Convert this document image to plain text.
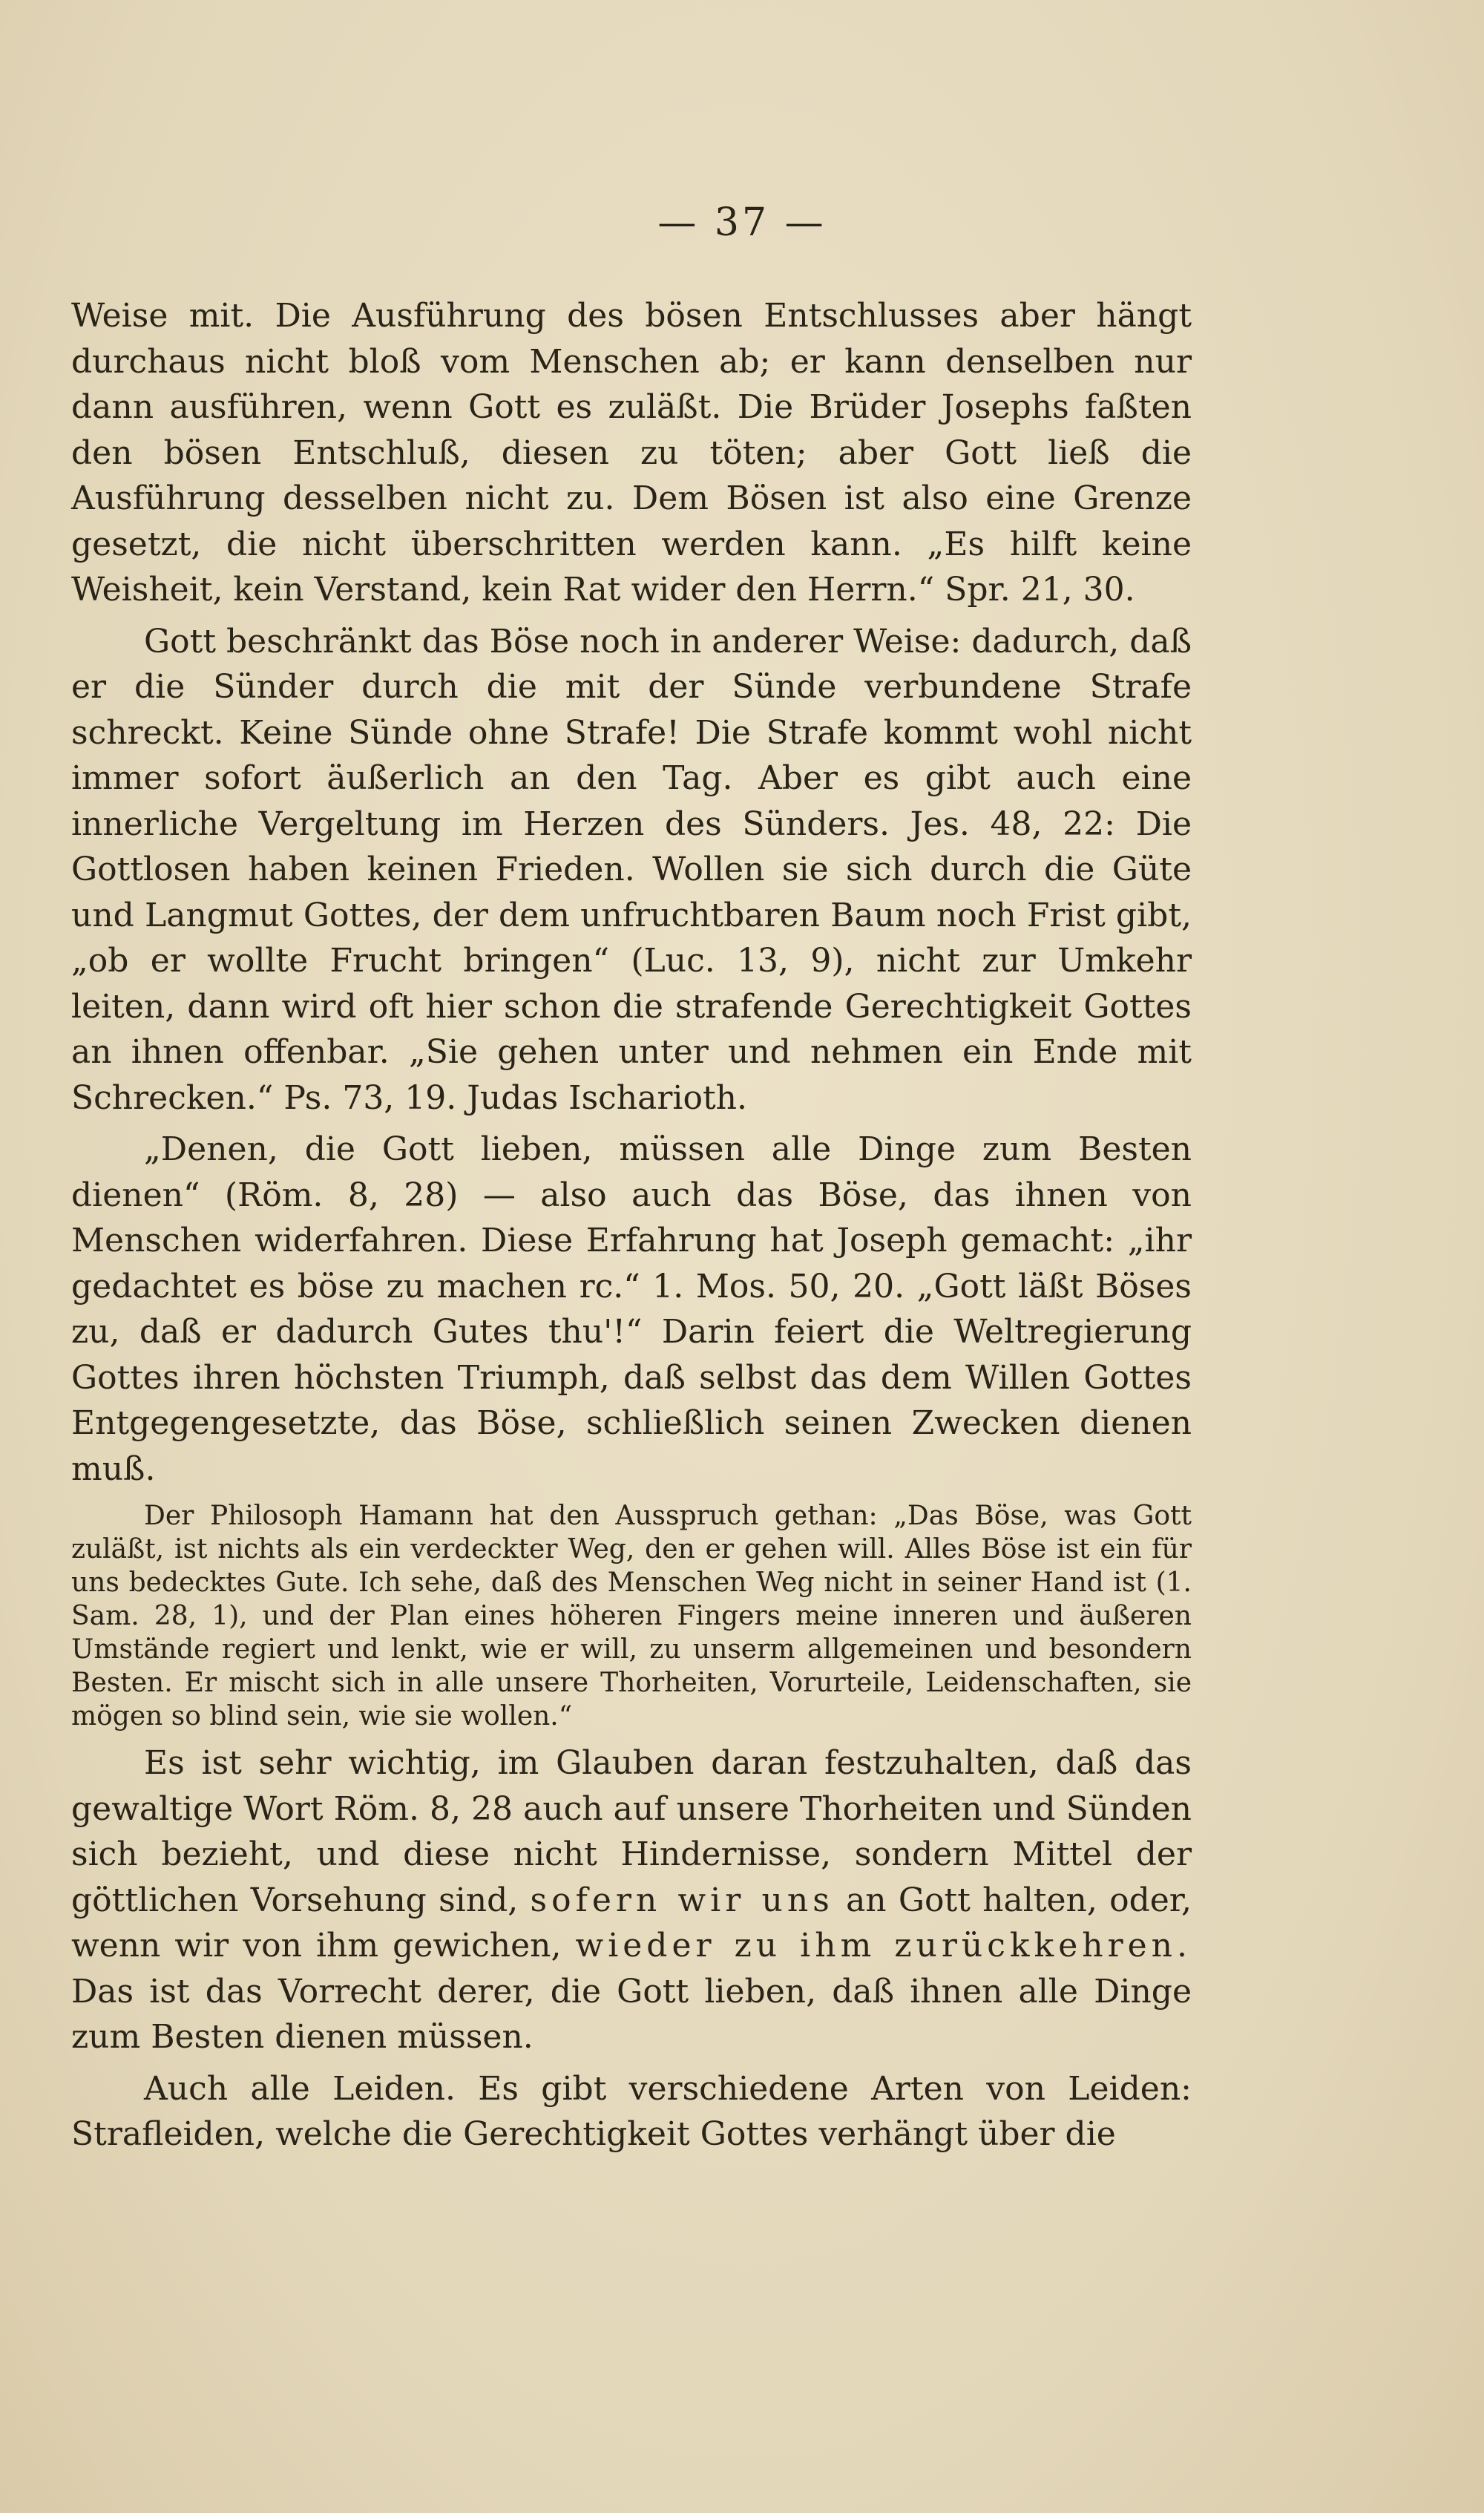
— 37 —

Weise mit. Die Ausführung des bösen Entschlusses aber hängt durchaus nicht bloß vom Menschen ab; er kann denselben nur dann ausführen, wenn Gott es zuläßt. Die Brüder Josephs faßten den bösen Entschluß, diesen zu töten; aber Gott ließ die Ausführung desselben nicht zu. Dem Bösen ist also eine Grenze gesetzt, die nicht überschritten werden kann. „Es hilft keine Weisheit, kein Verstand, kein Rat wider den Herrn.“ Spr. 21, 30.

Gott beschränkt das Böse noch in anderer Weise: dadurch, daß er die Sünder durch die mit der Sünde verbundene Strafe schreckt. Keine Sünde ohne Strafe! Die Strafe kommt wohl nicht immer sofort äußerlich an den Tag. Aber es gibt auch eine innerliche Vergeltung im Herzen des Sünders. Jes. 48, 22: Die Gottlosen haben keinen Frieden. Wollen sie sich durch die Güte und Langmut Gottes, der dem unfruchtbaren Baum noch Frist gibt, „ob er wollte Frucht bringen“ (Luc. 13, 9), nicht zur Umkehr leiten, dann wird oft hier schon die strafende Gerechtigkeit Gottes an ihnen offenbar. „Sie gehen unter und nehmen ein Ende mit Schrecken.“ Ps. 73, 19. Judas Ischarioth.

„Denen, die Gott lieben, müssen alle Dinge zum Besten dienen“ (Röm. 8, 28) — also auch das Böse, das ihnen von Menschen widerfahren. Diese Erfahrung hat Joseph gemacht: „ihr gedachtet es böse zu machen rc.“ 1. Mos. 50, 20. „Gott läßt Böses zu, daß er dadurch Gutes thu'!“ Darin feiert die Weltregierung Gottes ihren höchsten Triumph, daß selbst das dem Willen Gottes Entgegengesetzte, das Böse, schließlich seinen Zwecken dienen muß.

Der Philosoph Hamann hat den Ausspruch gethan: „Das Böse, was Gott zuläßt, ist nichts als ein verdeckter Weg, den er gehen will. Alles Böse ist ein für uns bedecktes Gute. Ich sehe, daß des Menschen Weg nicht in seiner Hand ist (1. Sam. 28, 1), und der Plan eines höheren Fingers meine inneren und äußeren Umstände regiert und lenkt, wie er will, zu unserm allgemeinen und besondern Besten. Er mischt sich in alle unsere Thorheiten, Vorurteile, Leidenschaften, sie mögen so blind sein, wie sie wollen.“

Es ist sehr wichtig, im Glauben daran festzuhalten, daß das gewaltige Wort Röm. 8, 28 auch auf unsere Thorheiten und Sünden sich bezieht, und diese nicht Hindernisse, sondern Mittel der göttlichen Vorsehung sind, sofern wir uns an Gott halten, oder, wenn wir von ihm gewichen, wieder zu ihm zurückkehren. Das ist das Vorrecht derer, die Gott lieben, daß ihnen alle Dinge zum Besten dienen müssen.

Auch alle Leiden. Es gibt verschiedene Arten von Leiden: Strafleiden, welche die Gerechtigkeit Gottes verhängt über die
